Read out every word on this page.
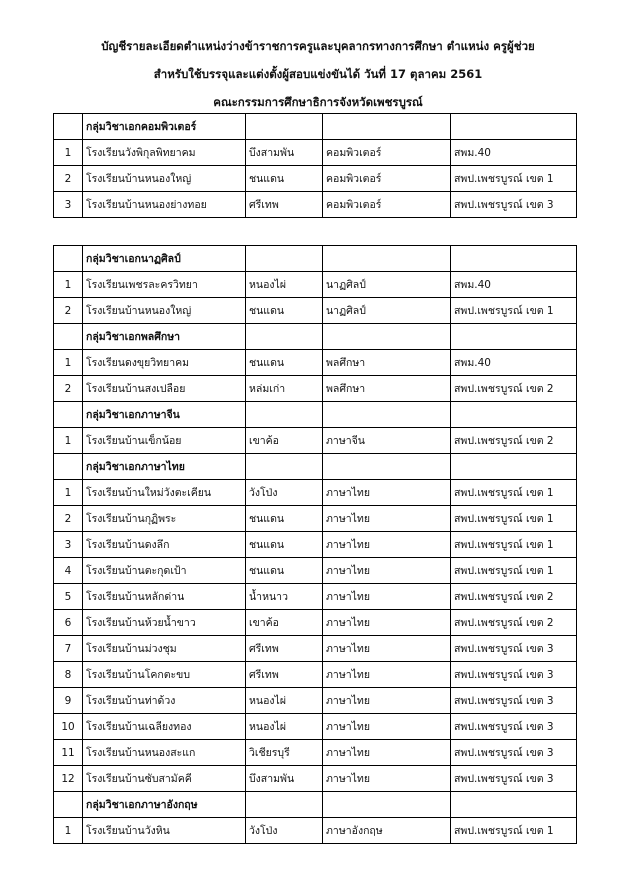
บัญชีรายละเอียดตำแหน่งว่างข้าราชการครูและบุคลากรทางการศึกษา ตำแหน่ง ครูผู้ช่วย
สำหรับใช้บรรจุและแต่งตั้งผู้สอบแข่งขันได้ วันที่ 17 ตุลาคม 2561
คณะกรรมการศึกษาธิการจังหวัดเพชรบูรณ์
	กลุ่มวิชาเอกคอมพิวเตอร์			
1	โรงเรียนวังพิกุลพิทยาคม	บึงสามพัน	คอมพิวเตอร์	สพม.40
2	โรงเรียนบ้านหนองใหญ่	ชนแดน	คอมพิวเตอร์	สพป.เพชรบูรณ์ เขต 1
3	โรงเรียนบ้านหนองย่างทอย	ศรีเทพ	คอมพิวเตอร์	สพป.เพชรบูรณ์ เขต 3
	กลุ่มวิชาเอกนาฏศิลป์			
1	โรงเรียนเพชรละครวิทยา	หนองไผ่	นาฏศิลป์	สพม.40
2	โรงเรียนบ้านหนองใหญ่	ชนแดน	นาฏศิลป์	สพป.เพชรบูรณ์ เขต 1
	กลุ่มวิชาเอกพลศึกษา			
1	โรงเรียนดงขุยวิทยาคม	ชนแดน	พลศึกษา	สพม.40
2	โรงเรียนบ้านสงเปลือย	หล่มเก่า	พลศึกษา	สพป.เพชรบูรณ์ เขต 2
	กลุ่มวิชาเอกภาษาจีน			
1	โรงเรียนบ้านเข็กน้อย	เขาค้อ	ภาษาจีน	สพป.เพชรบูรณ์ เขต 2
	กลุ่มวิชาเอกภาษาไทย			
1	โรงเรียนบ้านใหม่วังตะเคียน	วังโป่ง	ภาษาไทย	สพป.เพชรบูรณ์ เขต 1
2	โรงเรียนบ้านกุฏิพระ	ชนแดน	ภาษาไทย	สพป.เพชรบูรณ์ เขต 1
3	โรงเรียนบ้านดงลึก	ชนแดน	ภาษาไทย	สพป.เพชรบูรณ์ เขต 1
4	โรงเรียนบ้านตะกุดเป้า	ชนแดน	ภาษาไทย	สพป.เพชรบูรณ์ เขต 1
5	โรงเรียนบ้านหลักด่าน	น้ำหนาว	ภาษาไทย	สพป.เพชรบูรณ์ เขต 2
6	โรงเรียนบ้านห้วยน้ำขาว	เขาค้อ	ภาษาไทย	สพป.เพชรบูรณ์ เขต 2
7	โรงเรียนบ้านม่วงชุม	ศรีเทพ	ภาษาไทย	สพป.เพชรบูรณ์ เขต 3
8	โรงเรียนบ้านโคกตะขบ	ศรีเทพ	ภาษาไทย	สพป.เพชรบูรณ์ เขต 3
9	โรงเรียนบ้านท่าด้วง	หนองไผ่	ภาษาไทย	สพป.เพชรบูรณ์ เขต 3
10	โรงเรียนบ้านเฉลียงทอง	หนองไผ่	ภาษาไทย	สพป.เพชรบูรณ์ เขต 3
11	โรงเรียนบ้านหนองสะแก	วิเชียรบุรี	ภาษาไทย	สพป.เพชรบูรณ์ เขต 3
12	โรงเรียนบ้านซับสามัคคี	บึงสามพัน	ภาษาไทย	สพป.เพชรบูรณ์ เขต 3
	กลุ่มวิชาเอกภาษาอังกฤษ			
1	โรงเรียนบ้านวังหิน	วังโป่ง	ภาษาอังกฤษ	สพป.เพชรบูรณ์ เขต 1
